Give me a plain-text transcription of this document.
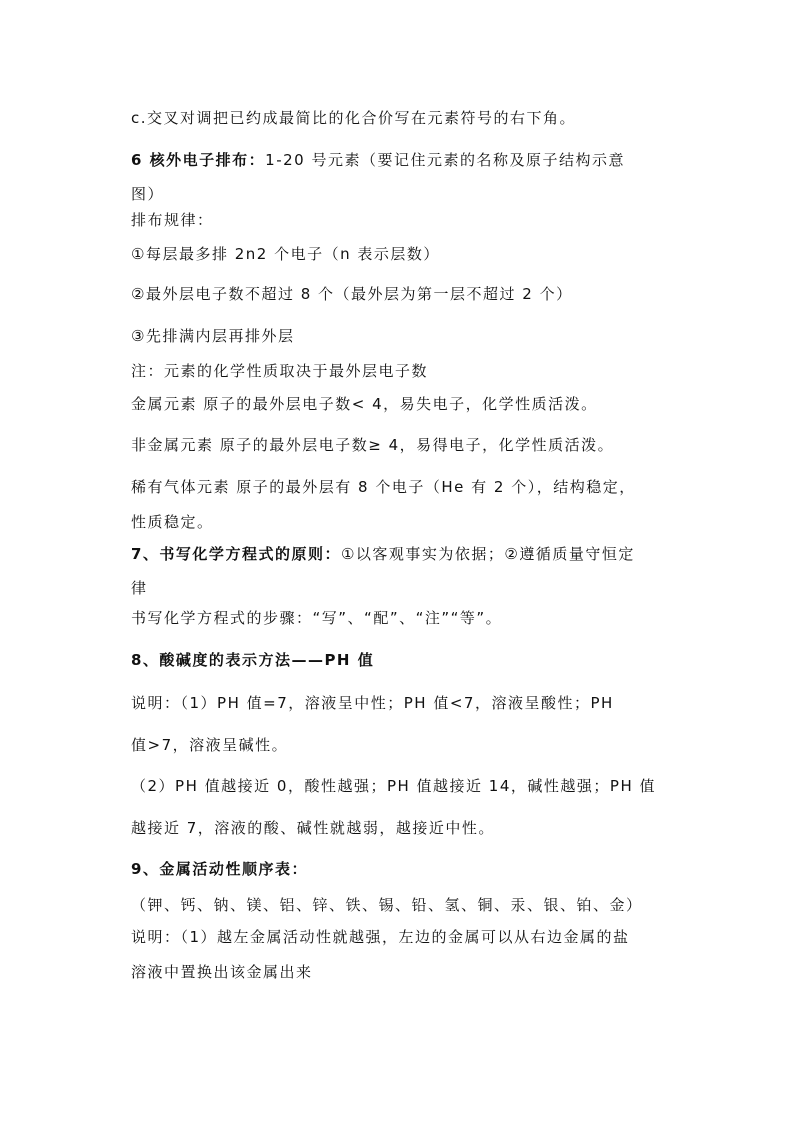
c.交叉对调把已约成最简比的化合价写在元素符号的右下角。
6 核外电子排布：1-20 号元素（要记住元素的名称及原子结构示意
图）
排布规律：
①每层最多排 2n2 个电子（n 表示层数）
②最外层电子数不超过 8 个（最外层为第一层不超过 2 个）
③先排满内层再排外层
注：元素的化学性质取决于最外层电子数
金属元素 原子的最外层电子数< 4，易失电子，化学性质活泼。
非金属元素 原子的最外层电子数≥ 4，易得电子，化学性质活泼。
稀有气体元素 原子的最外层有 8 个电子（He 有 2 个），结构稳定，
性质稳定。
7、书写化学方程式的原则：①以客观事实为依据；②遵循质量守恒定
律
书写化学方程式的步骤：“写”、“配”、“注”“等”。
8、酸碱度的表示方法——PH 值
说明：（1）PH 值=7，溶液呈中性；PH 值<7，溶液呈酸性；PH
值>7，溶液呈碱性。
（2）PH 值越接近 0，酸性越强；PH 值越接近 14，碱性越强；PH 值
越接近 7，溶液的酸、碱性就越弱，越接近中性。
9、金属活动性顺序表：
（钾、钙、钠、镁、铝、锌、铁、锡、铅、氢、铜、汞、银、铂、金）
说明：（1）越左金属活动性就越强，左边的金属可以从右边金属的盐
溶液中置换出该金属出来
